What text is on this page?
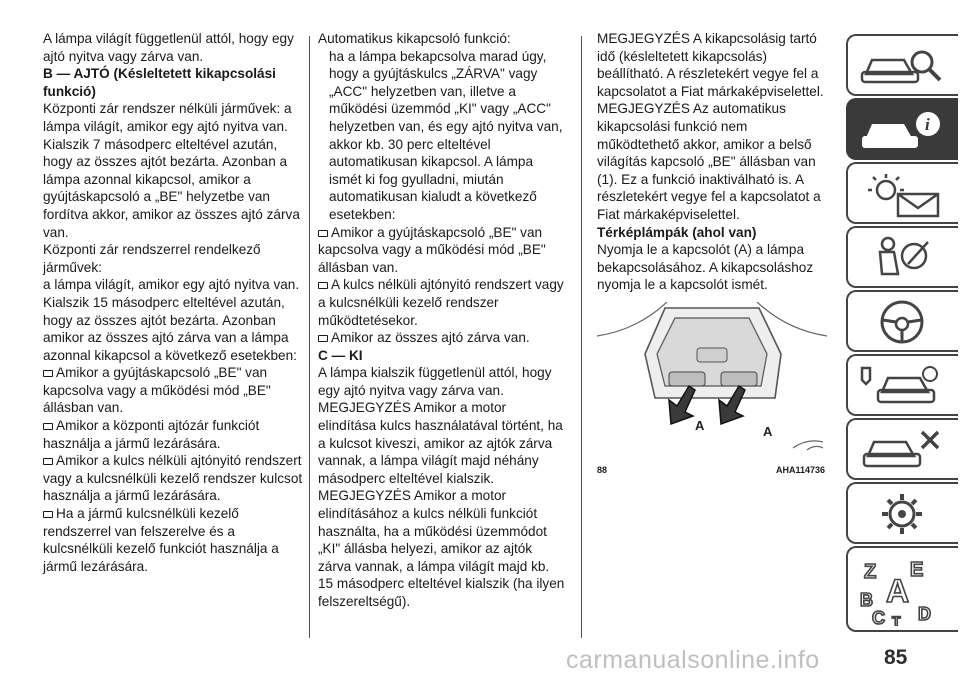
A lámpa világít függetlenül attól, hogy egy ajtó nyitva vagy zárva van.

B — AJTÓ (Késleltetett kikapcsolási funkció)

Központi zár rendszer nélküli járművek: a lámpa világít, amikor egy ajtó nyitva van. Kialszik 7 másodperc elteltével azután, hogy az összes ajtót bezárta. Azonban a lámpa azonnal kikapcsol, amikor a gyújtáskapcsoló a „BE" helyzetbe van fordítva akkor, amikor az összes ajtó zárva van.

Központi zár rendszerrel rendelkező járművek:

a lámpa világít, amikor egy ajtó nyitva van. Kialszik 15 másodperc elteltével azután, hogy az összes ajtót bezárta. Azonban amikor az összes ajtó zárva van a lámpa azonnal kikapcsol a következő esetekben:

Amikor a gyújtáskapcsoló „BE" van kapcsolva vagy a működési mód „BE" állásban van.

Amikor a központi ajtózár funkciót használja a jármű lezárására.

Amikor a kulcs nélküli ajtónyitó rendszert vagy a kulcsnélküli kezelő rendszer kulcsot használja a jármű lezárására.

Ha a jármű kulcsnélküli kezelő rendszerrel van felszerelve és a kulcsnélküli kezelő funkciót használja a jármű lezárására.

Automatikus kikapcsoló funkció:

ha a lámpa bekapcsolva marad úgy, hogy a gyújtáskulcs „ZÁRVA" vagy „ACC" helyzetben van, illetve a működési üzemmód „KI" vagy „ACC" helyzetben van, és egy ajtó nyitva van, akkor kb. 30 perc elteltével automatikusan kikapcsol. A lámpa ismét ki fog gyulladni, miután automatikusan kialudt a következő esetekben:

Amikor a gyújtáskapcsoló „BE" van kapcsolva vagy a működési mód „BE" állásban van.

A kulcs nélküli ajtónyitó rendszert vagy a kulcsnélküli kezelő rendszer működtetésekor.

Amikor az összes ajtó zárva van.

C — KI

A lámpa kialszik függetlenül attól, hogy egy ajtó nyitva vagy zárva van.

MEGJEGYZÉS Amikor a motor elindítása kulcs használatával történt, ha a kulcsot kiveszi, amikor az ajtók zárva vannak, a lámpa világít majd néhány másodperc elteltével kialszik.

MEGJEGYZÉS Amikor a motor elindításához a kulcs nélküli funkciót használta, ha a működési üzemmódot „KI" állásba helyezi, amikor az ajtók zárva vannak, a lámpa világít majd kb. 15 másodperc elteltével kialszik (ha ilyen felszereltségű).

MEGJEGYZÉS A kikapcsolásig tartó idő (késleltetett kikapcsolás) beállítható. A részletekért vegye fel a kapcsolatot a Fiat márkaképviselettel.

MEGJEGYZÉS Az automatikus kikapcsolási funkció nem működtethető akkor, amikor a belső világítás kapcsoló „BE" állásban van (1). Ez a funkció inaktiválható is. A részletekért vegye fel a kapcsolatot a Fiat márkaképviselettel.

Térképlámpák (ahol van)

Nyomja le a kapcsolót (A) a lámpa bekapcsolásához. A kikapcsoláshoz nyomja le a kapcsolót ismét.

A	A
88	AHA114736
i
Z E
B A
C T D
carmanualsonline.info	85
